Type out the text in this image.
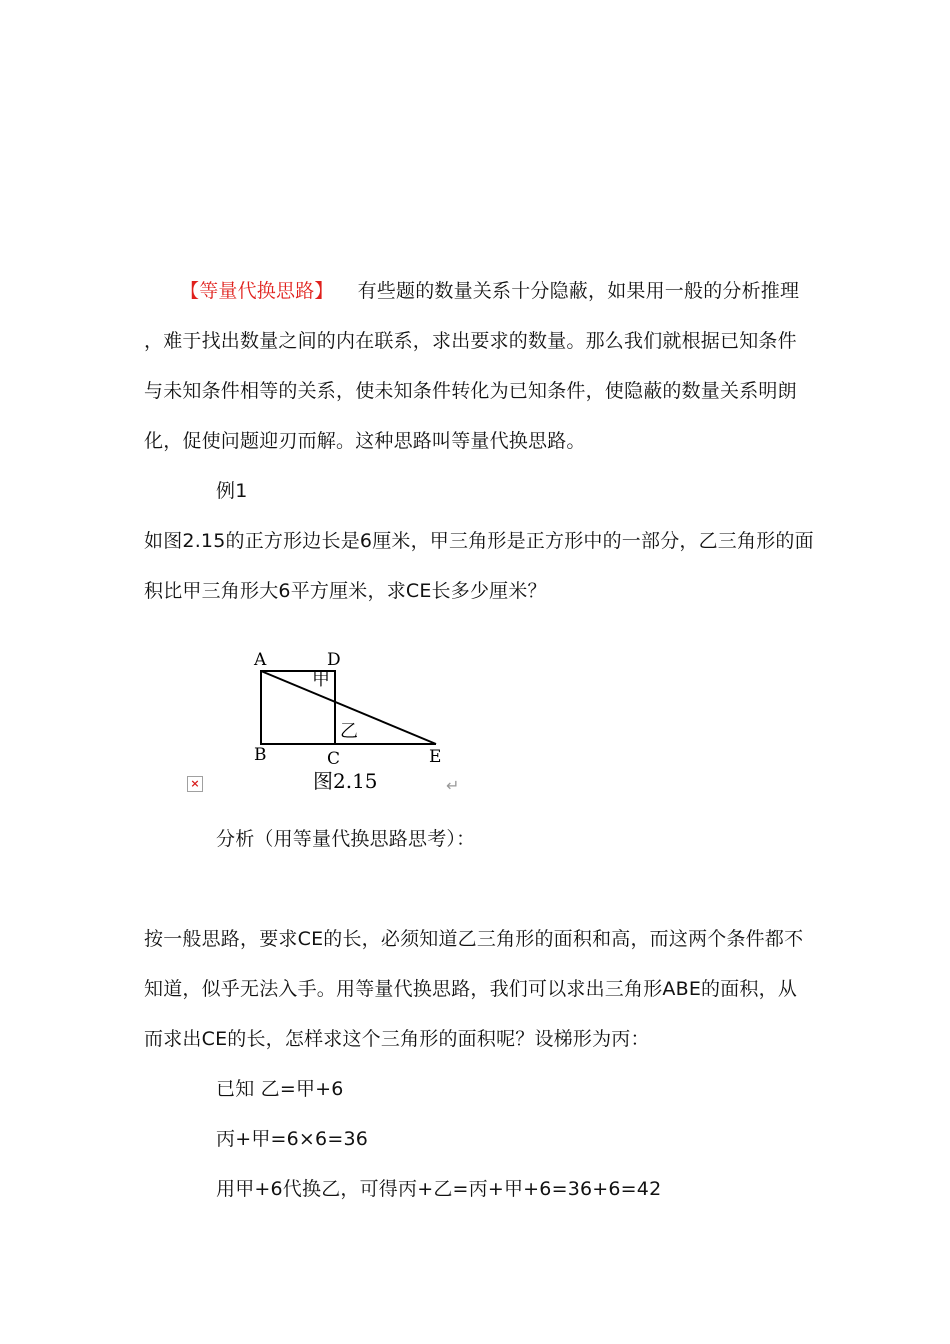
【等量代换思路】 有些题的数量关系十分隐蔽，如果用一般的分析推理
，难于找出数量之间的内在联系，求出要求的数量。那么我们就根据已知条件
与未知条件相等的关系，使未知条件转化为已知条件，使隐蔽的数量关系明朗
化，促使问题迎刃而解。这种思路叫等量代换思路。
例1
如图2.15的正方形边长是6厘米，甲三角形是正方形中的一部分，乙三角形的面
积比甲三角形大6平方厘米，求CE长多少厘米？
A	D
B	C	E
甲
乙
图2.15
×	↵
分析（用等量代换思路思考）：
按一般思路，要求CE的长，必须知道乙三角形的面积和高，而这两个条件都不
知道，似乎无法入手。用等量代换思路，我们可以求出三角形ABE的面积，从
而求出CE的长，怎样求这个三角形的面积呢？设梯形为丙：
已知 乙=甲+6
丙+甲=6×6=36
用甲+6代换乙，可得丙+乙=丙+甲+6=36+6=42
